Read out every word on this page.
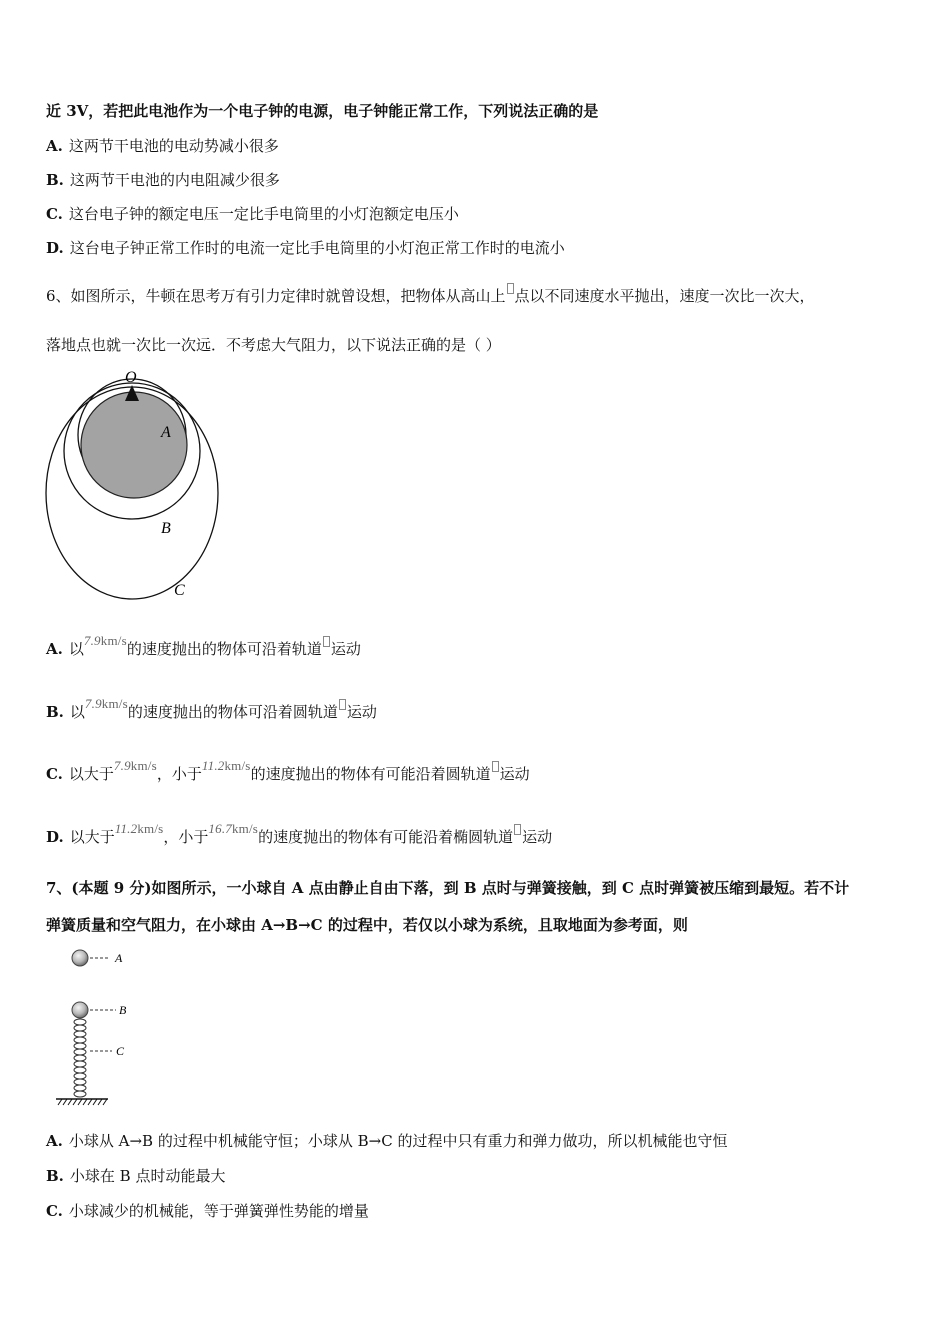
近 3V，若把此电池作为一个电子钟的电源，电子钟能正常工作，下列说法正确的是
A. 这两节干电池的电动势减小很多
B. 这两节干电池的内电阻减少很多
C. 这台电子钟的额定电压一定比手电筒里的小灯泡额定电压小
D. 这台电子钟正常工作时的电流一定比手电筒里的小灯泡正常工作时的电流小
6、如图所示，牛顿在思考万有引力定律时就曾设想，把物体从高山上 点以不同速度水平抛出，速度一次比一次大，
落地点也就一次比一次远．不考虑大气阻力，以下说法正确的是（ ）
O
A
B
C
A. 以7.9km/s的速度抛出的物体可沿着轨道 运动
B. 以7.9km/s的速度抛出的物体可沿着圆轨道 运动
C. 以大于7.9km/s，小于11.2km/s的速度抛出的物体有可能沿着圆轨道 运动
D. 以大于11.2km/s，小于16.7km/s的速度抛出的物体有可能沿着椭圆轨道 运动
7、(本题 9 分)如图所示，一小球自 A 点由静止自由下落，到 B 点时与弹簧接触，到 C 点时弹簧被压缩到最短。若不计
弹簧质量和空气阻力，在小球由 A→B→C 的过程中，若仅以小球为系统，且取地面为参考面，则
A
B
C
A. 小球从 A→B 的过程中机械能守恒；小球从 B→C 的过程中只有重力和弹力做功，所以机械能也守恒
B. 小球在 B 点时动能最大
C. 小球减少的机械能，等于弹簧弹性势能的增量
